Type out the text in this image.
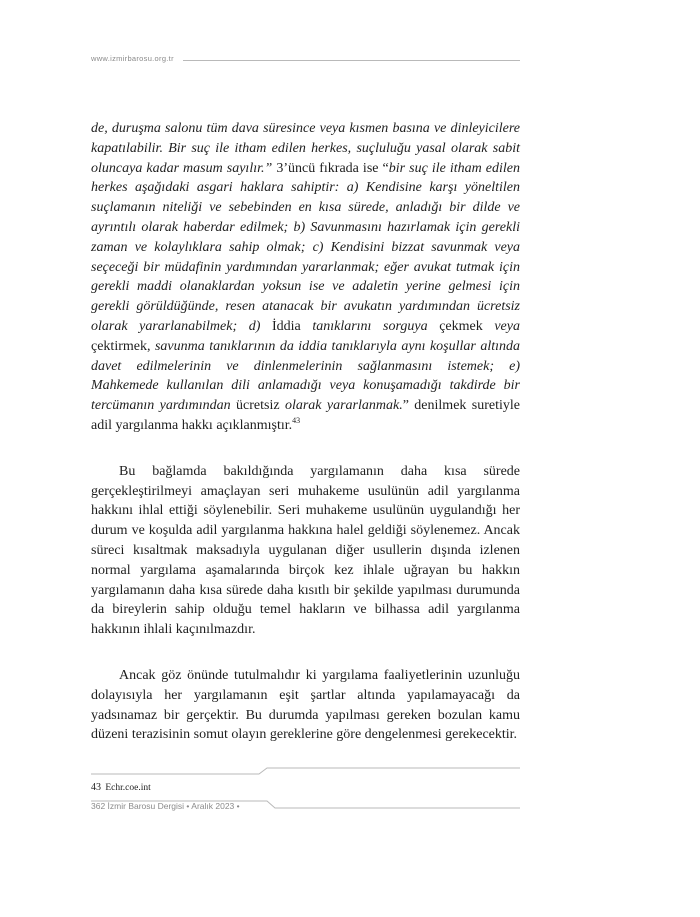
www.izmirbarosu.org.tr

de, duruşma salonu tüm dava süresince veya kısmen basına ve dinleyicilere kapatılabilir. Bir suç ile itham edilen herkes, suçluluğu yasal olarak sabit oluncaya kadar masum sayılır.” 3’üncü fıkrada ise “bir suç ile itham edilen herkes aşağıdaki asgari haklara sahiptir: a) Kendisine karşı yöneltilen suçlamanın niteliği ve sebebinden en kısa sürede, anladığı bir dilde ve ayrıntılı olarak haberdar edilmek; b) Savunmasını hazırlamak için gerekli zaman ve kolaylıklara sahip olmak; c) Kendisini bizzat savunmak veya seçeceği bir müdafinin yardımından yararlanmak; eğer avukat tutmak için gerekli maddi olanaklardan yoksun ise ve adaletin yerine gelmesi için gerekli görüldüğünde, resen atanacak bir avukatın yardımından ücretsiz olarak yararlanabilmek; d) İddia tanıklarını sorguya çekmek veya çektirmek, savunma tanıklarının da iddia tanıklarıyla aynı koşullar altında davet edilmelerinin ve dinlenmelerinin sağlanmasını istemek; e) Mahkemede kullanılan dili anlamadığı veya konuşamadığı takdirde bir tercümanın yardımından ücretsiz olarak yararlanmak.” denilmek suretiyle adil yargılanma hakkı açıklanmıştır.$^{43}$

Bu bağlamda bakıldığında yargılamanın daha kısa sürede gerçekleştirilmeyi amaçlayan seri muhakeme usulünün adil yargılanma hakkını ihlal ettiği söylenebilir. Seri muhakeme usulünün uygulandığı her durum ve koşulda adil yargılanma hakkına halel geldiği söylenemez. Ancak süreci kısaltmak maksadıyla uygulanan diğer usullerin dışında izlenen normal yargılama aşamalarında birçok kez ihlale uğrayan bu hakkın yargılamanın daha kısa sürede daha kısıtlı bir şekilde yapılması durumunda da bireylerin sahip olduğu temel hakların ve bilhassa adil yargılanma hakkının ihlali kaçınılmazdır.

Ancak göz önünde tutulmalıdır ki yargılama faaliyetlerinin uzunluğu dolayısıyla her yargılamanın eşit şartlar altında yapılamayacağı da yadsınamaz bir gerçektir. Bu durumda yapılması gereken bozulan kamu düzeni terazisinin somut olayın gereklerine göre dengelenmesi gerekecektir.

43 Echr.coe.int
362 İzmir Barosu Dergisi • Aralık 2023 •
